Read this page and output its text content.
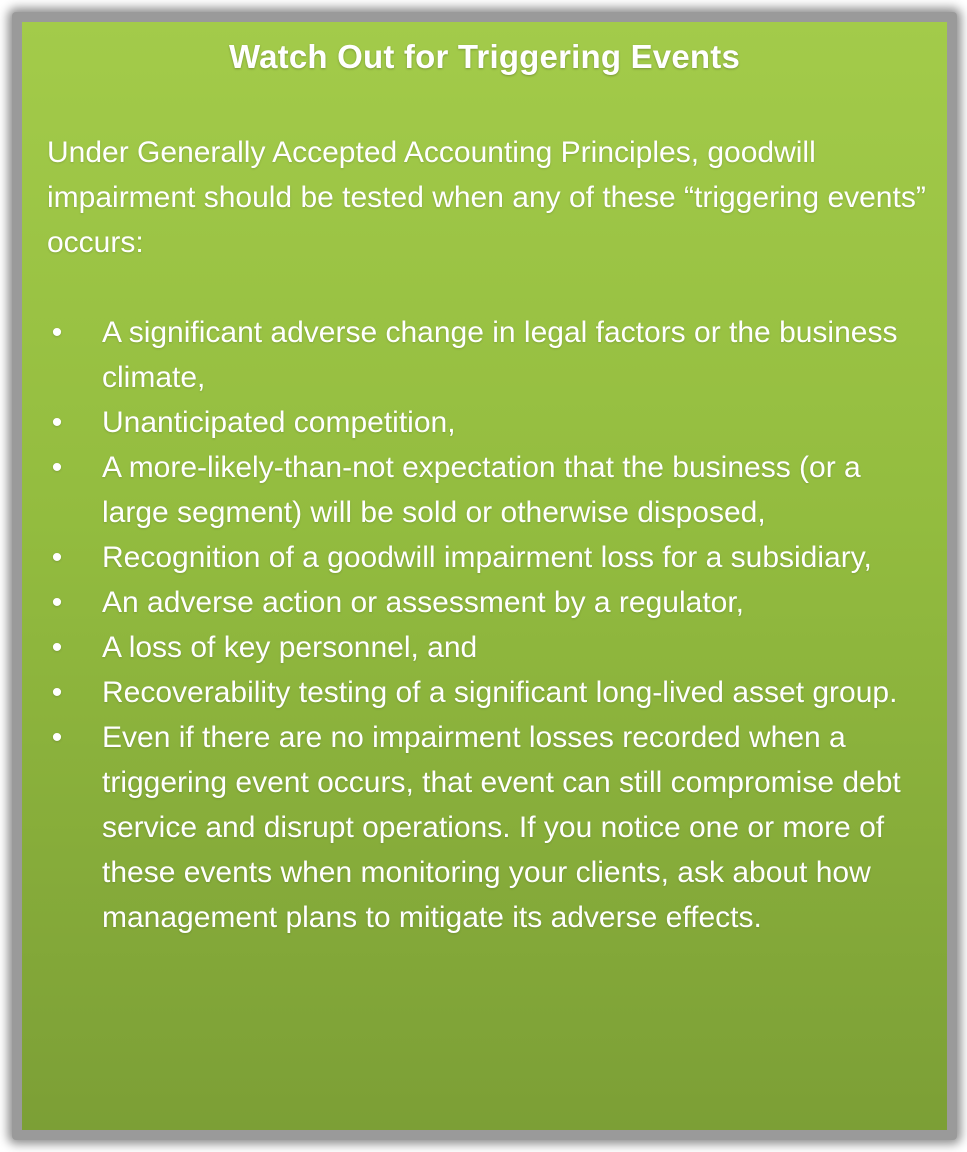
Watch Out for Triggering Events
Under Generally Accepted Accounting Principles, goodwill impairment should be tested when any of these “triggering events” occurs:
• A significant adverse change in legal factors or the business climate,
• Unanticipated competition,
• A more-likely-than-not expectation that the business (or a large segment) will be sold or otherwise disposed,
• Recognition of a goodwill impairment loss for a subsidiary,
• An adverse action or assessment by a regulator,
• A loss of key personnel, and
• Recoverability testing of a significant long-lived asset group.
• Even if there are no impairment losses recorded when a triggering event occurs, that event can still compromise debt service and disrupt operations. If you notice one or more of these events when monitoring your clients, ask about how management plans to mitigate its adverse effects.
